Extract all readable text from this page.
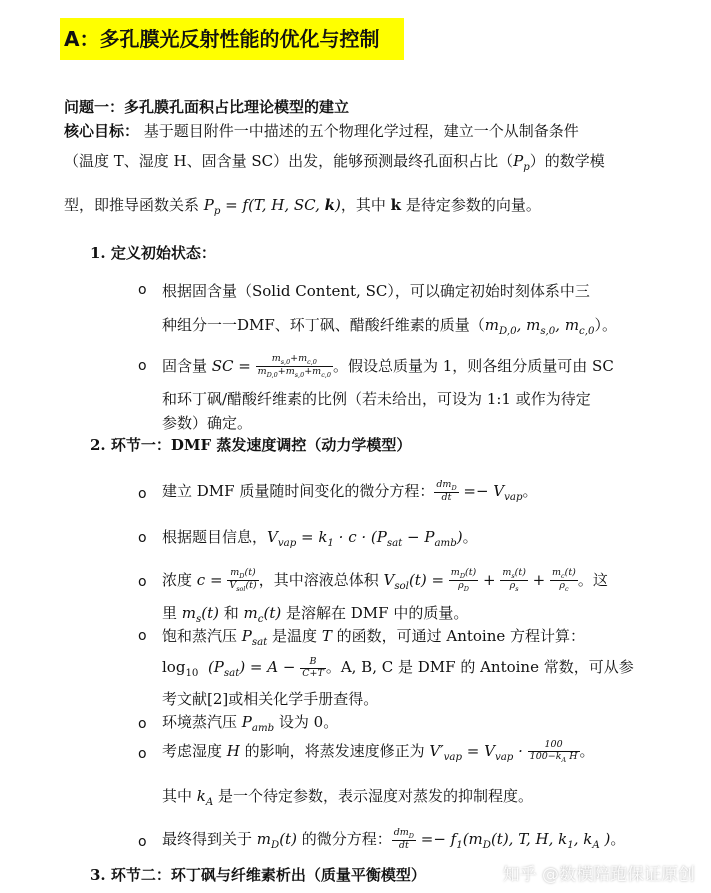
A：多孔膜光反射性能的优化与控制
问题一：多孔膜孔面积占比理论模型的建立
核心目标： 基于题目附件一中描述的五个物理化学过程，建立一个从制备条件
（温度 T、湿度 H、固含量 SC）出发，能够预测最终孔面积占比$(P_p)$的数学模
型，即推导函数关系 $P_p = f(T$, H, SC, k)，其中 k 是待定参数的向量。
1. 定义初始状态：
o 根据固含量（Solid Content, SC），可以确定初始时刻体系中三
种组分一一DMF、环丁砜、醋酸纤维素的质量（$m_{D,0}$, $m_{s,0}$, $m_{c,0}$）。
o 固含量 SC = $\frac{m_{s,0}+m_{c,0}}{m_{D,0}+m_{s,0}+m_{c,0}}$ 。假设总质量为 1，则各组分质量可由 SC
和环丁砜/醋酸纤维素的比例（若未给出，可设为 1:1 或作为待定
参数）确定。
2. 环节一：DMF 蒸发速度调控（动力学模型）
o 建立 DMF 质量随时间变化的微分方程： $\frac{dm_D}{dt} =- V_{vap}$。
o 根据题目信息，$V_{vap} = k_1 \cdot c \cdot (P_{sat} - P_{amb})$。
o 浓度 $c = \frac{m_D(t)}{V_{sol}(t)}$ ，其中溶液总体积 $V_{sol}(t) = \frac{m_D(t)}{\rho_D} + \frac{m_s(t)}{\rho_s} + \frac{m_c(t)}{\rho_c}$ 。这
里 $m_s(t)$ 和 $m_c(t)$ 是溶解在 DMF 中的质量。
o 饱和蒸汽压 $P_{sat}$ 是温度 T 的函数，可通过 Antoine 方程计算：
$\log_{10} (P_{sat}) = A - \frac{B}{C+T}$ 。A, B, C 是 DMF 的 Antoine 常数，可从参
考文献[2]或相关化学手册查得。
o 环境蒸汽压 $P_{amb}$ 设为 0。
o 考虑湿度 H 的影响，将蒸发速度修正为 $V'_{vap} = V_{vap} \cdot \frac{100}{100-k_A H}$ 。
其中 $k_A$ 是一个待定参数，表示湿度对蒸发的抑制程度。
o 最终得到关于 $m_D(t)$ 的微分方程： $\frac{dm_D}{dt} =- f_1(m_D(t)$, T, H, $k_1$, $k_A$ )。
3. 环节二：环丁砜与纤维素析出（质量平衡模型）	知乎 @数模陪跑保证原创
